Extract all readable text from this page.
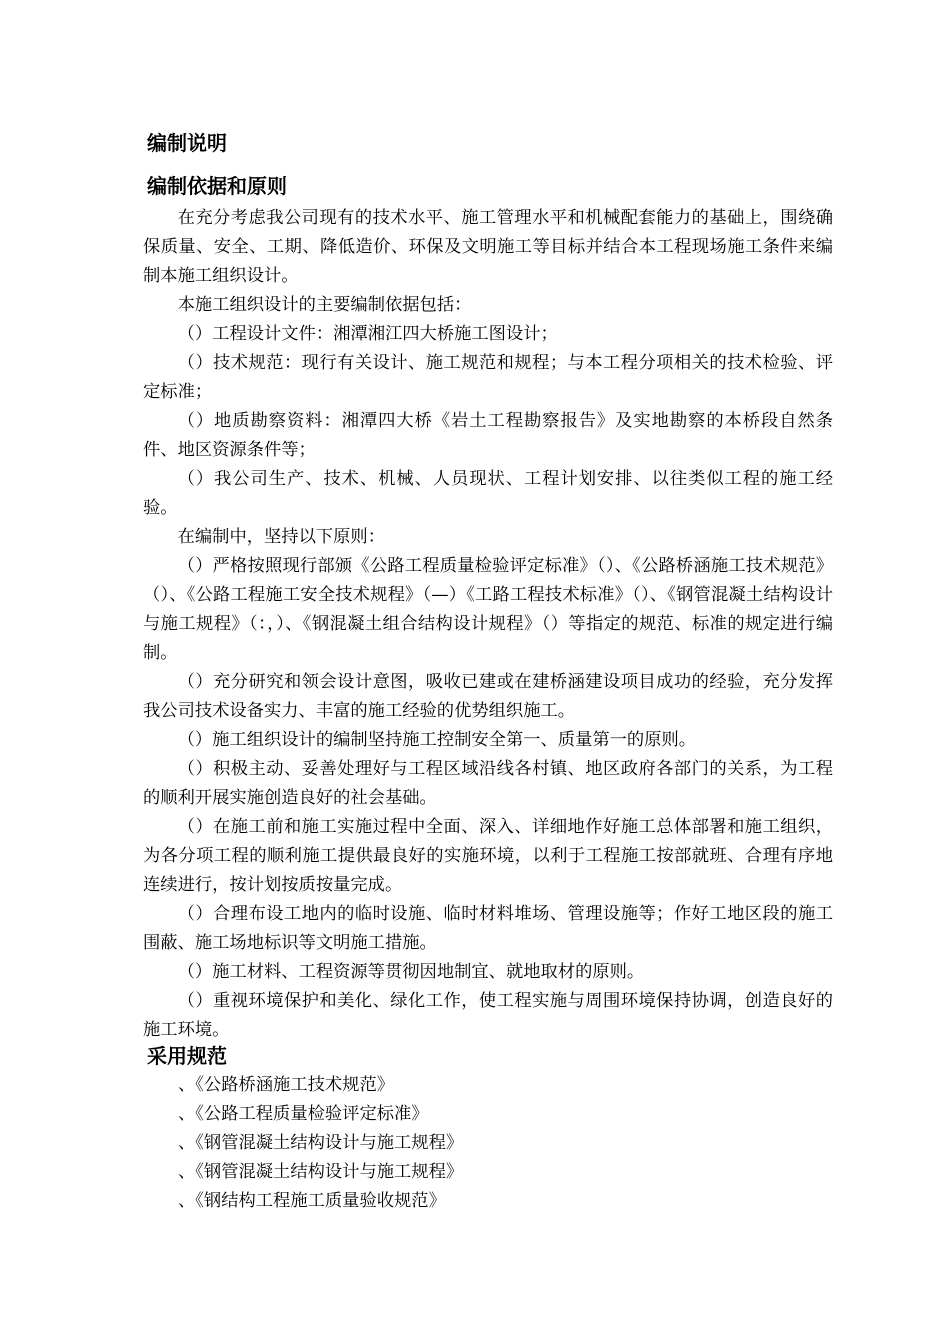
编制说明
编制依据和原则

在充分考虑我公司现有的技术水平、施工管理水平和机械配套能力的基础上，围绕确保质量、安全、工期、降低造价、环保及文明施工等目标并结合本工程现场施工条件来编制本施工组织设计。

本施工组织设计的主要编制依据包括：

（）工程设计文件：湘潭湘江四大桥施工图设计；

（）技术规范：现行有关设计、施工规范和规程；与本工程分项相关的技术检验、评定标准；

（）地质勘察资料：湘潭四大桥《岩土工程勘察报告》及实地勘察的本桥段自然条件、地区资源条件等；

（）我公司生产、技术、机械、人员现状、工程计划安排、以往类似工程的施工经验。

在编制中，坚持以下原则：

（）严格按照现行部颁《公路工程质量检验评定标准》（）、《公路桥涵施工技术规范》（）、《公路工程施工安全技术规程》（—）《工路工程技术标准》（）、《钢管混凝土结构设计与施工规程》（：，）、《钢混凝土组合结构设计规程》（）等指定的规范、标准的规定进行编制。

（）充分研究和领会设计意图，吸收已建或在建桥涵建设项目成功的经验，充分发挥我公司技术设备实力、丰富的施工经验的优势组织施工。

（）施工组织设计的编制坚持施工控制安全第一、质量第一的原则。

（）积极主动、妥善处理好与工程区域沿线各村镇、地区政府各部门的关系，为工程的顺利开展实施创造良好的社会基础。

（）在施工前和施工实施过程中全面、深入、详细地作好施工总体部署和施工组织，为各分项工程的顺利施工提供最良好的实施环境，以利于工程施工按部就班、合理有序地连续进行，按计划按质按量完成。

（）合理布设工地内的临时设施、临时材料堆场、管理设施等；作好工地区段的施工围蔽、施工场地标识等文明施工措施。

（）施工材料、工程资源等贯彻因地制宜、就地取材的原则。

（）重视环境保护和美化、绿化工作，使工程实施与周围环境保持协调，创造良好的施工环境。

采用规范
、《公路桥涵施工技术规范》
、《公路工程质量检验评定标准》
、《钢管混凝土结构设计与施工规程》
、《钢管混凝土结构设计与施工规程》
、《钢结构工程施工质量验收规范》
